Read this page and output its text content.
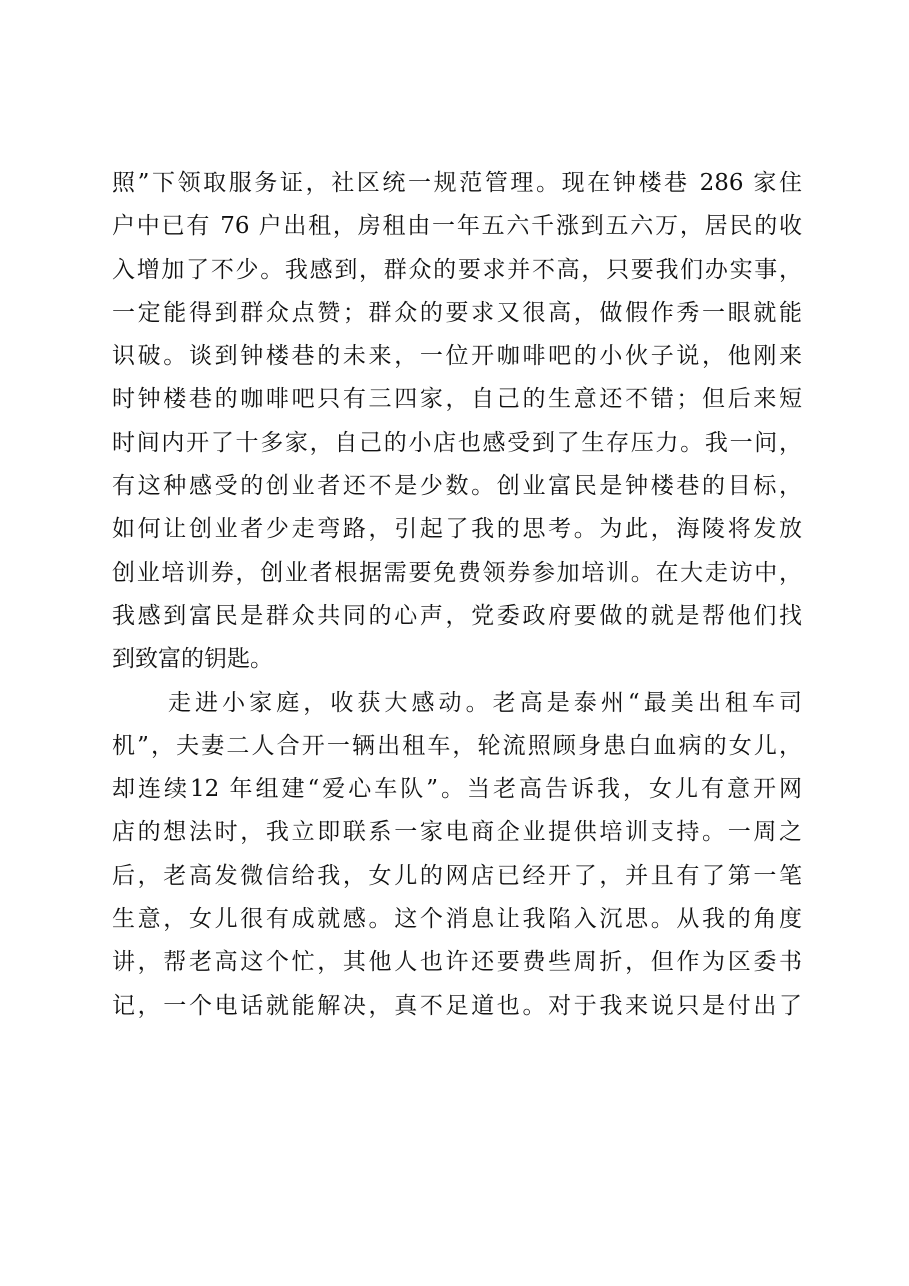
照”下领取服务证，社区统一规范管理。现在钟楼巷 286 家住
户中已有 76 户出租，房租由一年五六千涨到五六万，居民的收
入增加了不少。我感到，群众的要求并不高，只要我们办实事，
一定能得到群众点赞；群众的要求又很高，做假作秀一眼就能
识破。谈到钟楼巷的未来，一位开咖啡吧的小伙子说，他刚来
时钟楼巷的咖啡吧只有三四家，自己的生意还不错；但后来短
时间内开了十多家，自己的小店也感受到了生存压力。我一问，
有这种感受的创业者还不是少数。创业富民是钟楼巷的目标，
如何让创业者少走弯路，引起了我的思考。为此，海陵将发放
创业培训券，创业者根据需要免费领券参加培训。在大走访中，
我感到富民是群众共同的心声，党委政府要做的就是帮他们找
到致富的钥匙。
走进小家庭，收获大感动。老高是泰州“最美出租车司
机”，夫妻二人合开一辆出租车，轮流照顾身患白血病的女儿，
却连续12 年组建“爱心车队”。当老高告诉我，女儿有意开网
店的想法时，我立即联系一家电商企业提供培训支持。一周之
后，老高发微信给我，女儿的网店已经开了，并且有了第一笔
生意，女儿很有成就感。这个消息让我陷入沉思。从我的角度
讲，帮老高这个忙，其他人也许还要费些周折，但作为区委书
记，一个电话就能解决，真不足道也。对于我来说只是付出了
